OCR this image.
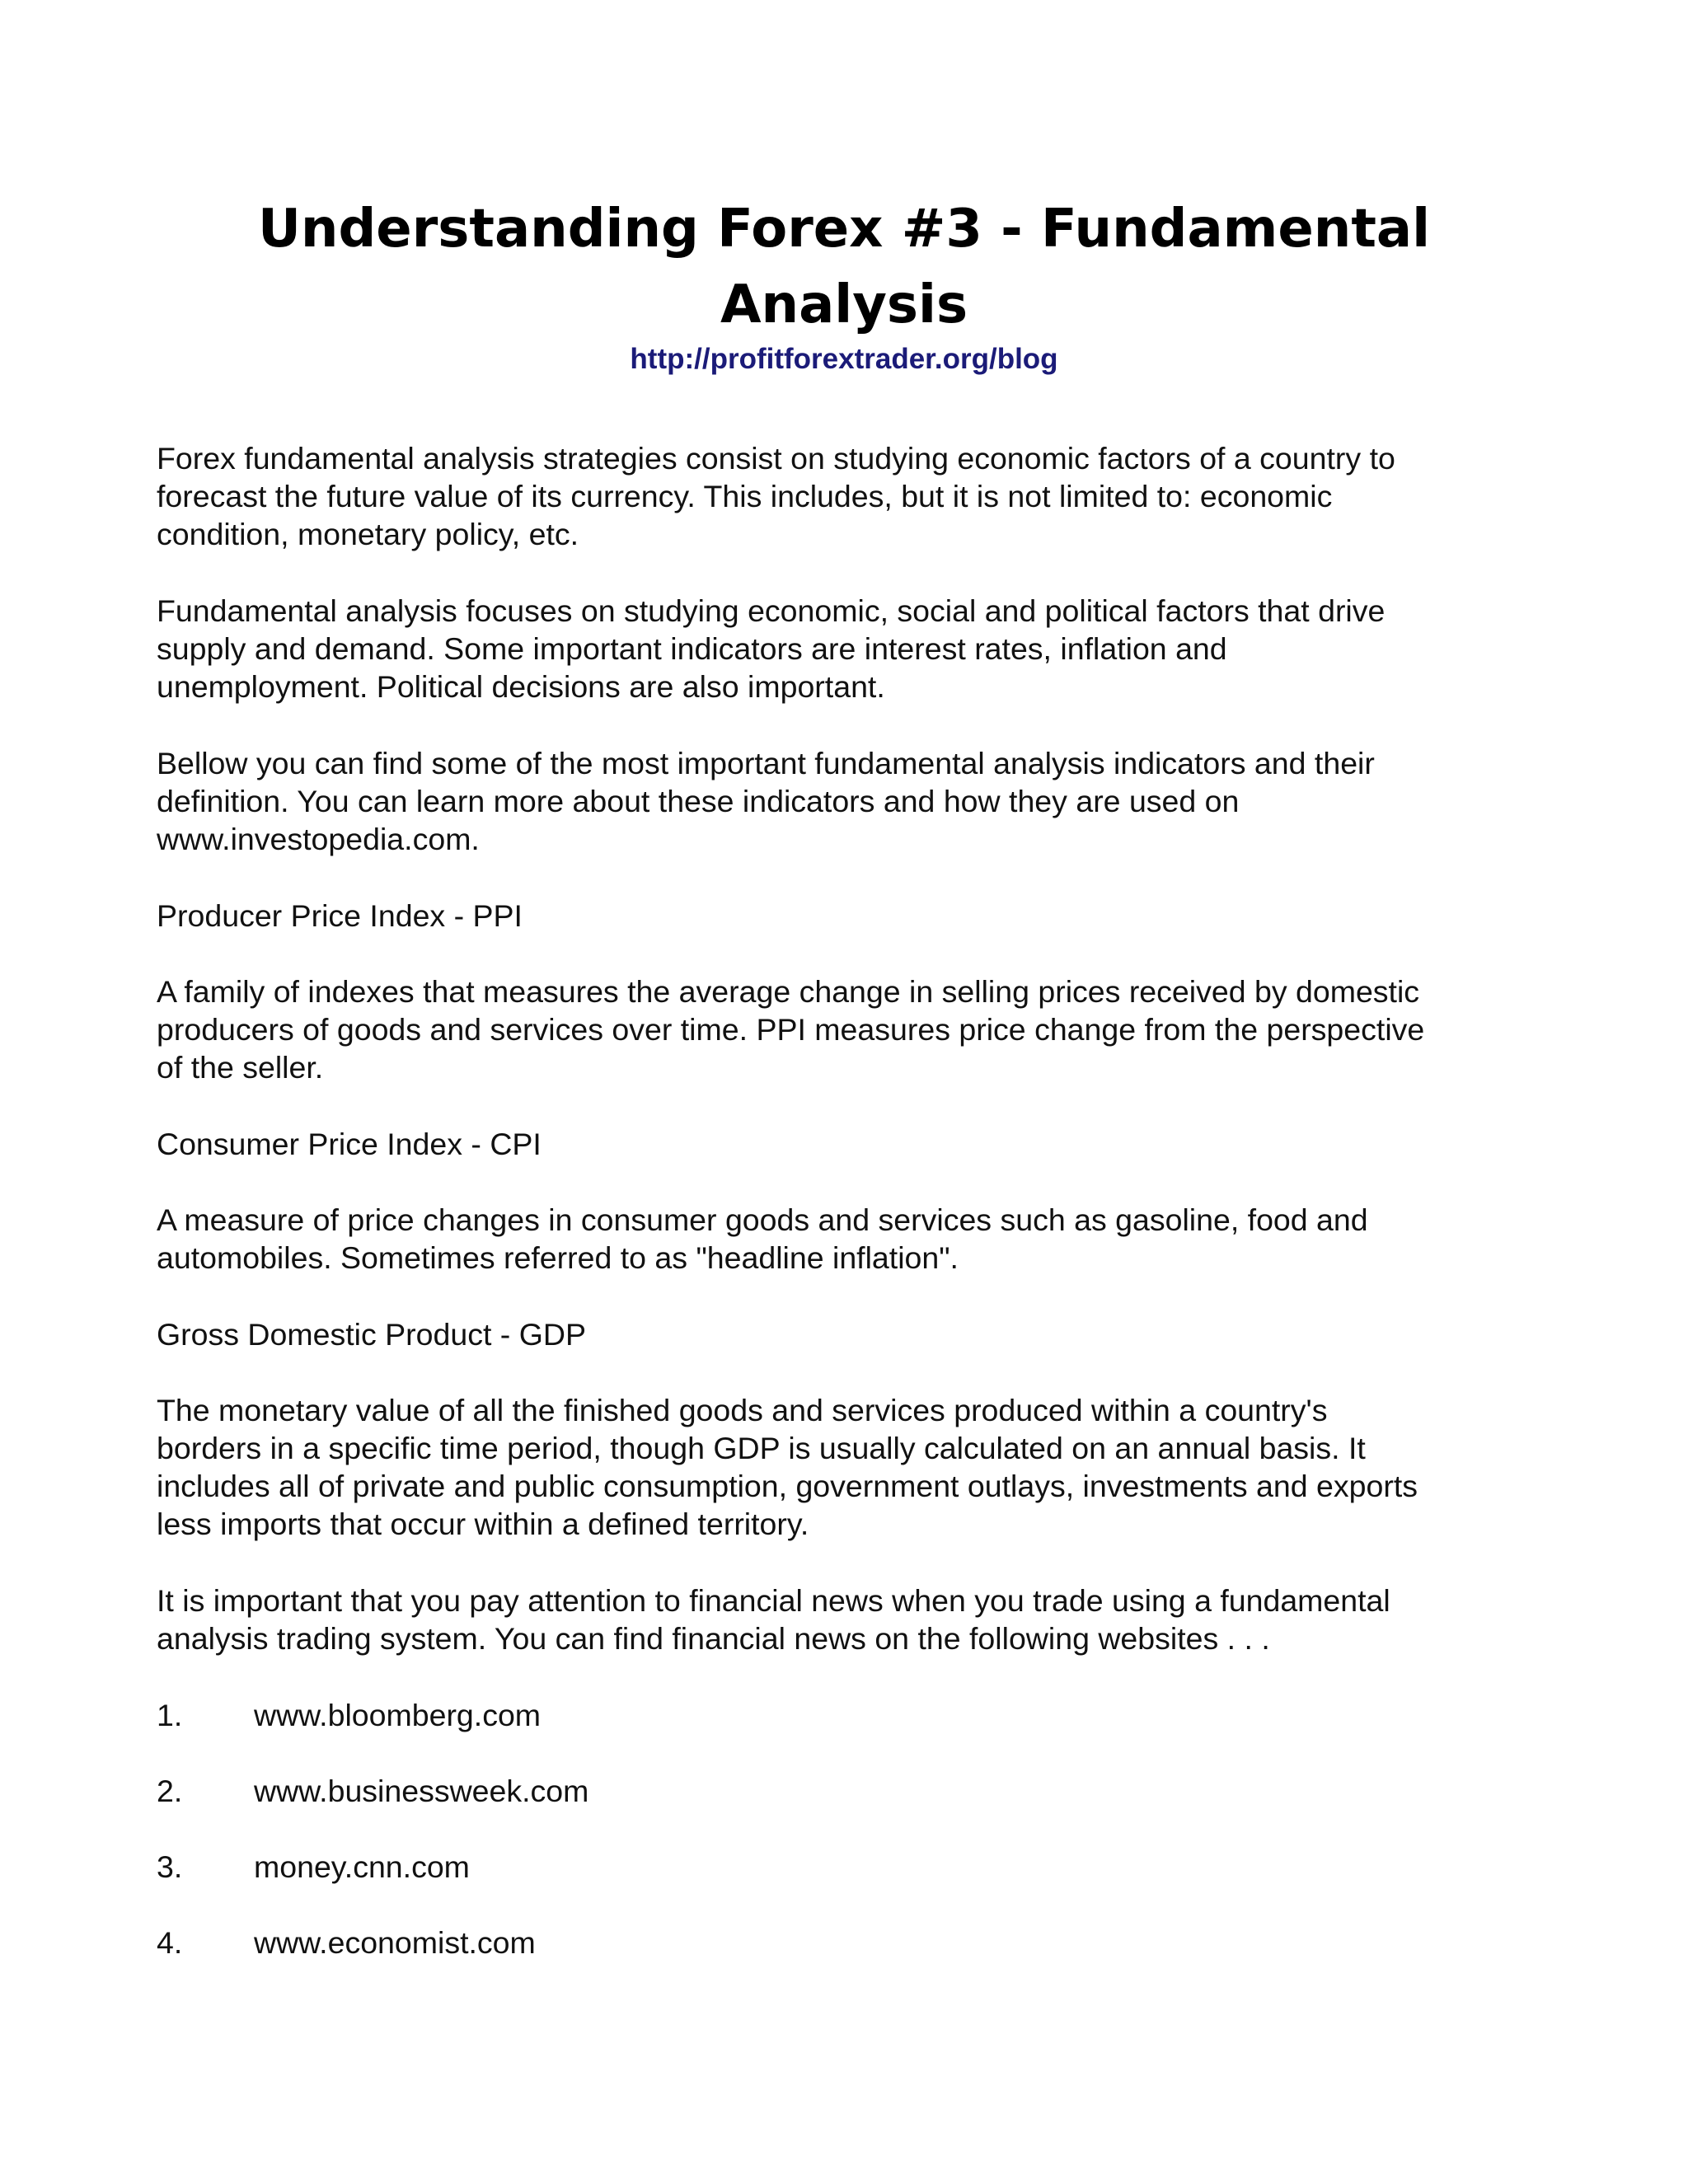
Understanding Forex #3 - Fundamental
Analysis
http://profitforextrader.org/blog

Forex fundamental analysis strategies consist on studying economic factors of a country to
forecast the future value of its currency. This includes, but it is not limited to: economic
condition, monetary policy, etc.

Fundamental analysis focuses on studying economic, social and political factors that drive
supply and demand. Some important indicators are interest rates, inflation and
unemployment. Political decisions are also important.

Bellow you can find some of the most important fundamental analysis indicators and their
definition. You can learn more about these indicators and how they are used on
www.investopedia.com.

Producer Price Index - PPI

A family of indexes that measures the average change in selling prices received by domestic
producers of goods and services over time. PPI measures price change from the perspective
of the seller.

Consumer Price Index - CPI

A measure of price changes in consumer goods and services such as gasoline, food and
automobiles. Sometimes referred to as "headline inflation".

Gross Domestic Product - GDP

The monetary value of all the finished goods and services produced within a country's
borders in a specific time period, though GDP is usually calculated on an annual basis. It
includes all of private and public consumption, government outlays, investments and exports
less imports that occur within a defined territory.

It is important that you pay attention to financial news when you trade using a fundamental
analysis trading system. You can find financial news on the following websites . . .

1. www.bloomberg.com
2. www.businessweek.com
3. money.cnn.com
4. www.economist.com
